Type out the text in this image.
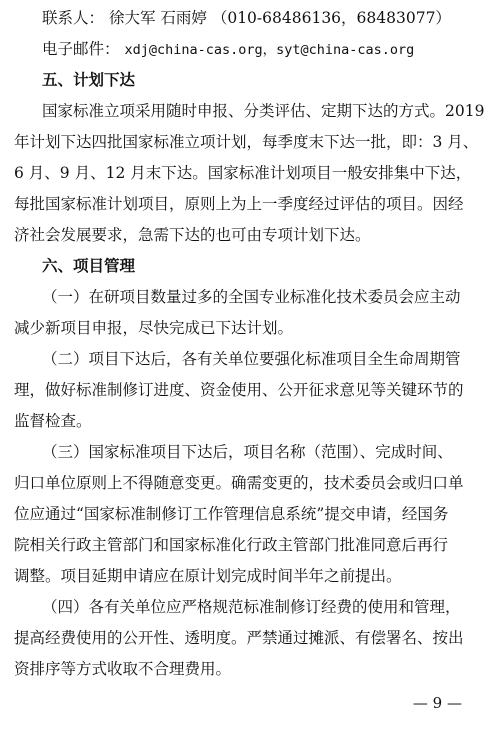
联系人： 徐大军 石雨婷 （010-68486136，68483077）
电子邮件： xdj@china-cas.org，syt@china-cas.org
五、计划下达
国家标准立项采用随时申报、分类评估、定期下达的方式。2019
年计划下达四批国家标准立项计划，每季度末下达一批，即：3 月、
6 月、9 月、12 月末下达。国家标准计划项目一般安排集中下达，
每批国家标准计划项目，原则上为上一季度经过评估的项目。因经
济社会发展要求，急需下达的也可由专项计划下达。
六、项目管理
（一）在研项目数量过多的全国专业标准化技术委员会应主动
减少新项目申报，尽快完成已下达计划。
（二）项目下达后，各有关单位要强化标准项目全生命周期管
理，做好标准制修订进度、资金使用、公开征求意见等关键环节的
监督检查。
（三）国家标准项目下达后，项目名称（范围）、完成时间、
归口单位原则上不得随意变更。确需变更的，技术委员会或归口单
位应通过“国家标准制修订工作管理信息系统”提交申请，经国务
院相关行政主管部门和国家标准化行政主管部门批准同意后再行
调整。项目延期申请应在原计划完成时间半年之前提出。
（四）各有关单位应严格规范标准制修订经费的使用和管理，
提高经费使用的公开性、透明度。严禁通过摊派、有偿署名、按出
资排序等方式收取不合理费用。
— 9 —
